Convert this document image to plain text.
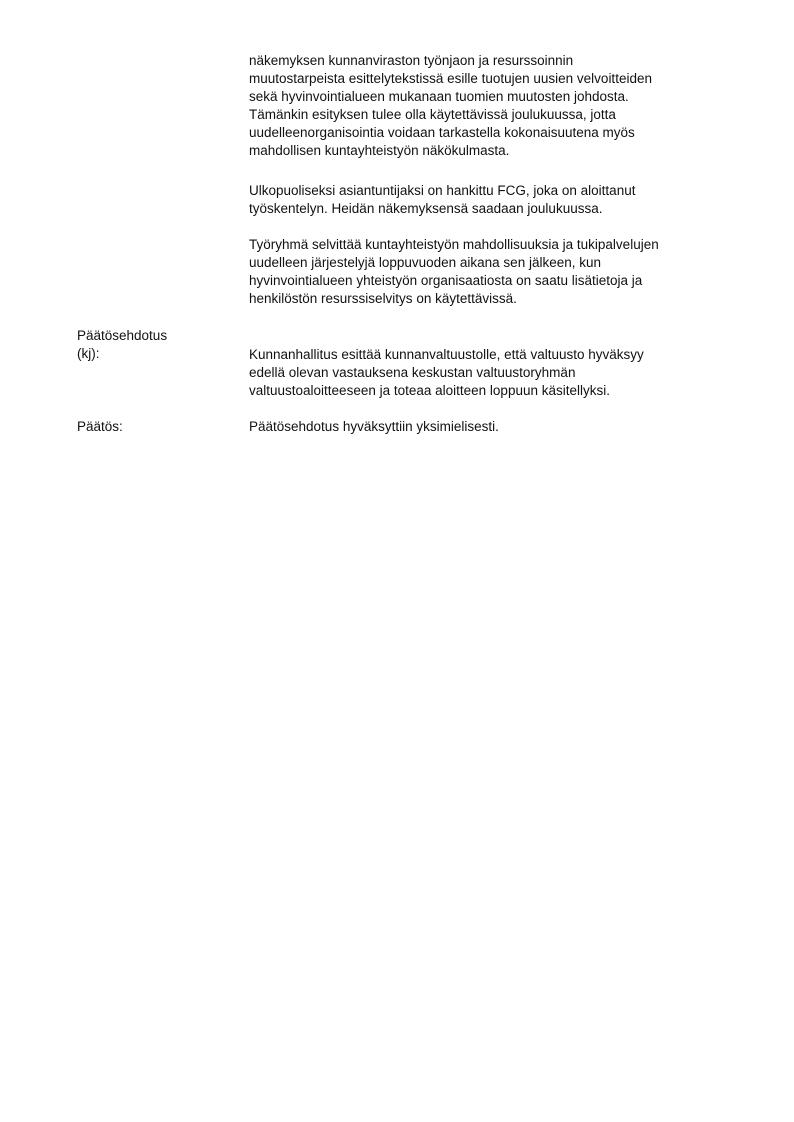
näkemyksen kunnanviraston työnjaon ja resurssoinnin
muutostarpeista esittelytekstissä esille tuotujen uusien velvoitteiden
sekä hyvinvointialueen mukanaan tuomien muutosten johdosta.
Tämänkin esityksen tulee olla käytettävissä joulukuussa, jotta
uudelleenorganisointia voidaan tarkastella kokonaisuutena myös
mahdollisen kuntayhteistyön näkökulmasta.
Ulkopuoliseksi asiantuntijaksi on hankittu FCG, joka on aloittanut
työskentelyn. Heidän näkemyksensä saadaan joulukuussa.
Työryhmä selvittää kuntayhteistyön mahdollisuuksia ja tukipalvelujen
uudelleen järjestelyjä loppuvuoden aikana sen jälkeen, kun
hyvinvointialueen yhteistyön organisaatiosta on saatu lisätietoja ja
henkilöstön resurssiselvitys on käytettävissä.
Päätösehdotus
(kj):	Kunnanhallitus esittää kunnanvaltuustolle, että valtuusto hyväksyy
edellä olevan vastauksena keskustan valtuustoryhmän
valtuustoaloitteeseen ja toteaa aloitteen loppuun käsitellyksi.
Päätös:	Päätösehdotus hyväksyttiin yksimielisesti.
